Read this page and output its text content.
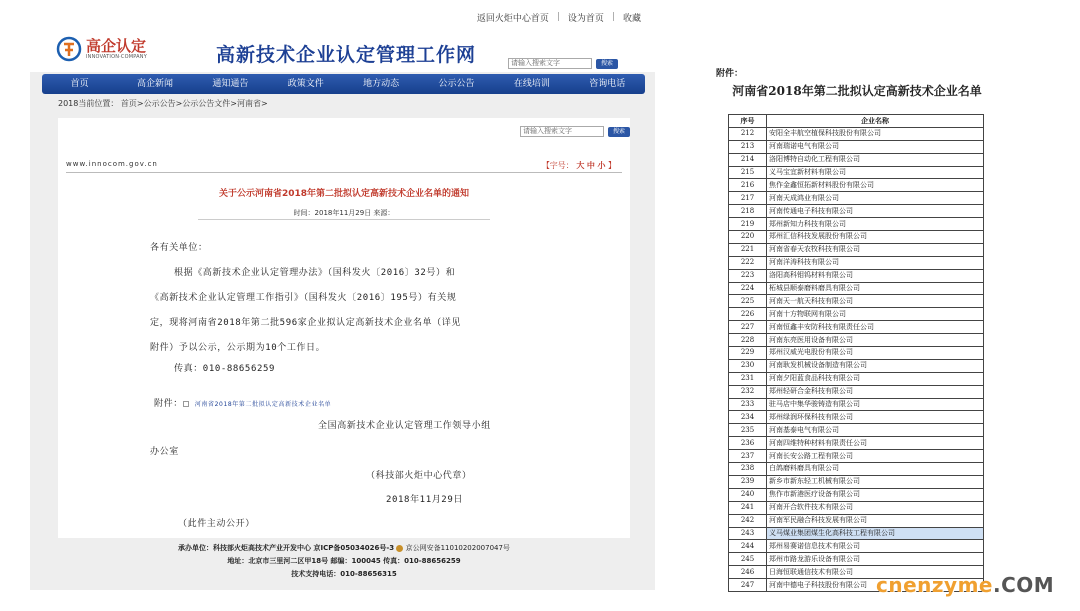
返回火炬中心首页 | 设为首页 | 收藏
高企认定
INNOVATION·COMPANY	高新技术企业认定管理工作网	请输入搜索文字	搜索
首页	高企新闻	通知通告	政策文件	地方动态	公示公告	在线培训	咨询电话
2018当前位置： 首页>公示公告>公示公告文件>河南省>
请输入搜索文字	搜索
www.innocom.gov.cn	【字号： 大 中 小 】
关于公示河南省2018年第二批拟认定高新技术企业名单的通知
时间：2018年11月29日 来源：
各有关单位：
根据《高新技术企业认定管理办法》（国科发火〔2016〕32号）和
《高新技术企业认定管理工作指引》（国科发火〔2016〕195号）有关规
定，现将河南省2018年第二批596家企业拟认定高新技术企业名单（详见
附件）予以公示，公示期为10个工作日。
传真：010-88656259
附件： 河南省2018年第二批拟认定高新技术企业名单
全国高新技术企业认定管理工作领导小组
办公室
（科技部火炬中心代章）
2018年11月29日
（此件主动公开）
承办单位：科技部火炬高技术产业开发中心 京ICP备05034026号-3 京公网安备11010202007047号
地址：北京市三里河二区甲18号 邮编：100045 传真：010-88656259
技术支持电话：010-88656315
附件：
河南省2018年第二批拟认定高新技术企业名单
序号	企业名称
212	安阳全丰航空植保科技股份有限公司
213	河南瑞诺电气有限公司
214	洛阳博特自动化工程有限公司
215	义马宝宜新材料有限公司
216	焦作金鑫恒拓新材料股份有限公司
217	河南天成鸿业有限公司
218	河南传通电子科技有限公司
219	郑州新知力科技有限公司
220	郑州汇信科技发展股份有限公司
221	河南省春天农牧科技有限公司
222	河南洋涛科技有限公司
223	洛阳高科钼钨材料有限公司
224	柘城县顺泰磨料磨具有限公司
225	河南天一航天科技有限公司
226	河南十方物联网有限公司
227	河南恒鑫丰安防科技有限责任公司
228	河南东亮医用设备有限公司
229	郑州汉威光电股份有限公司
230	河南耿发机械设备制造有限公司
231	河南夕阳蓝食品科技有限公司
232	郑州轻研合金科技有限公司
233	驻马店中集华骏铸造有限公司
234	郑州绿润环保科技有限公司
235	河南基泰电气有限公司
236	河南四维特种材料有限责任公司
237	河南长安公路工程有限公司
238	白鸽磨料磨具有限公司
239	新乡市新东轻工机械有限公司
240	焦作市新港医疗设备有限公司
241	河南开合软件技术有限公司
242	河南军民融合科技发展有限公司
243	义马煤业集团煤生化高科技工程有限公司
244	郑州易赛诺信息技术有限公司
245	郑州市路龙游乐设备有限公司
246	日海恒联通信技术有限公司
247	河南中德电子科技股份有限公司 cnenzyme.COM
